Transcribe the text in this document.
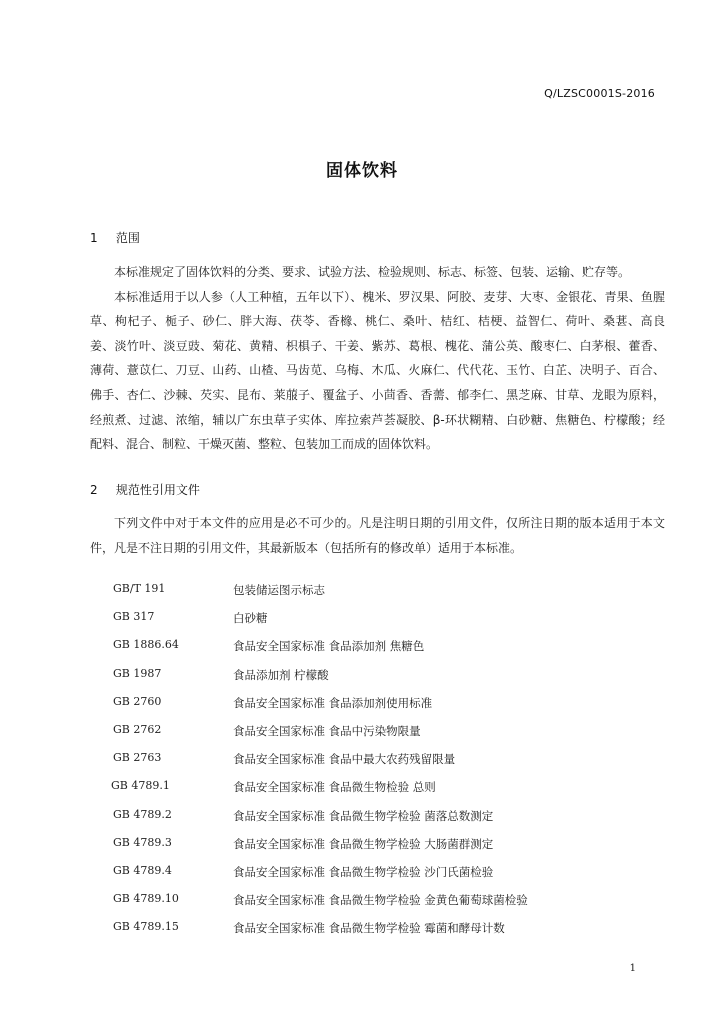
Q/LZSC0001S-2016
固体饮料
1 范围

本标准规定了固体饮料的分类、要求、试验方法、检验规则、标志、标签、包装、运输、贮存等。

本标准适用于以人参（人工种植，五年以下）、槐米、罗汉果、阿胶、麦芽、大枣、金银花、青果、鱼腥草、枸杞子、栀子、砂仁、胖大海、茯苓、香橼、桃仁、桑叶、桔红、桔梗、益智仁、荷叶、桑葚、高良姜、淡竹叶、淡豆豉、菊花、黄精、枳椇子、干姜、紫苏、葛根、槐花、蒲公英、酸枣仁、白茅根、藿香、薄荷、薏苡仁、刀豆、山药、山楂、马齿苋、乌梅、木瓜、火麻仁、代代花、玉竹、白芷、决明子、百合、佛手、杏仁、沙棘、芡实、昆布、莱菔子、覆盆子、小茴香、香薷、郁李仁、黑芝麻、甘草、龙眼为原料，经煎煮、过滤、浓缩，辅以广东虫草子实体、库拉索芦荟凝胶、β-环状糊精、白砂糖、焦糖色、柠檬酸；经配料、混合、制粒、干燥灭菌、整粒、包装加工而成的固体饮料。

2 规范性引用文件

下列文件中对于本文件的应用是必不可少的。凡是注明日期的引用文件，仅所注日期的版本适用于本文件，凡是不注日期的引用文件，其最新版本（包括所有的修改单）适用于本标准。

GB/T 191	包装储运图示标志
GB 317	白砂糖
GB 1886.64	食品安全国家标准 食品添加剂 焦糖色
GB 1987	食品添加剂 柠檬酸
GB 2760	食品安全国家标准 食品添加剂使用标准
GB 2762	食品安全国家标准 食品中污染物限量
GB 2763	食品安全国家标准 食品中最大农药残留限量
GB 4789.1	食品安全国家标准 食品微生物检验 总则
GB 4789.2	食品安全国家标准 食品微生物学检验 菌落总数测定
GB 4789.3	食品安全国家标准 食品微生物学检验 大肠菌群测定
GB 4789.4	食品安全国家标准 食品微生物学检验 沙门氏菌检验
GB 4789.10	食品安全国家标准 食品微生物学检验 金黄色葡萄球菌检验
GB 4789.15	食品安全国家标准 食品微生物学检验 霉菌和酵母计数
1
